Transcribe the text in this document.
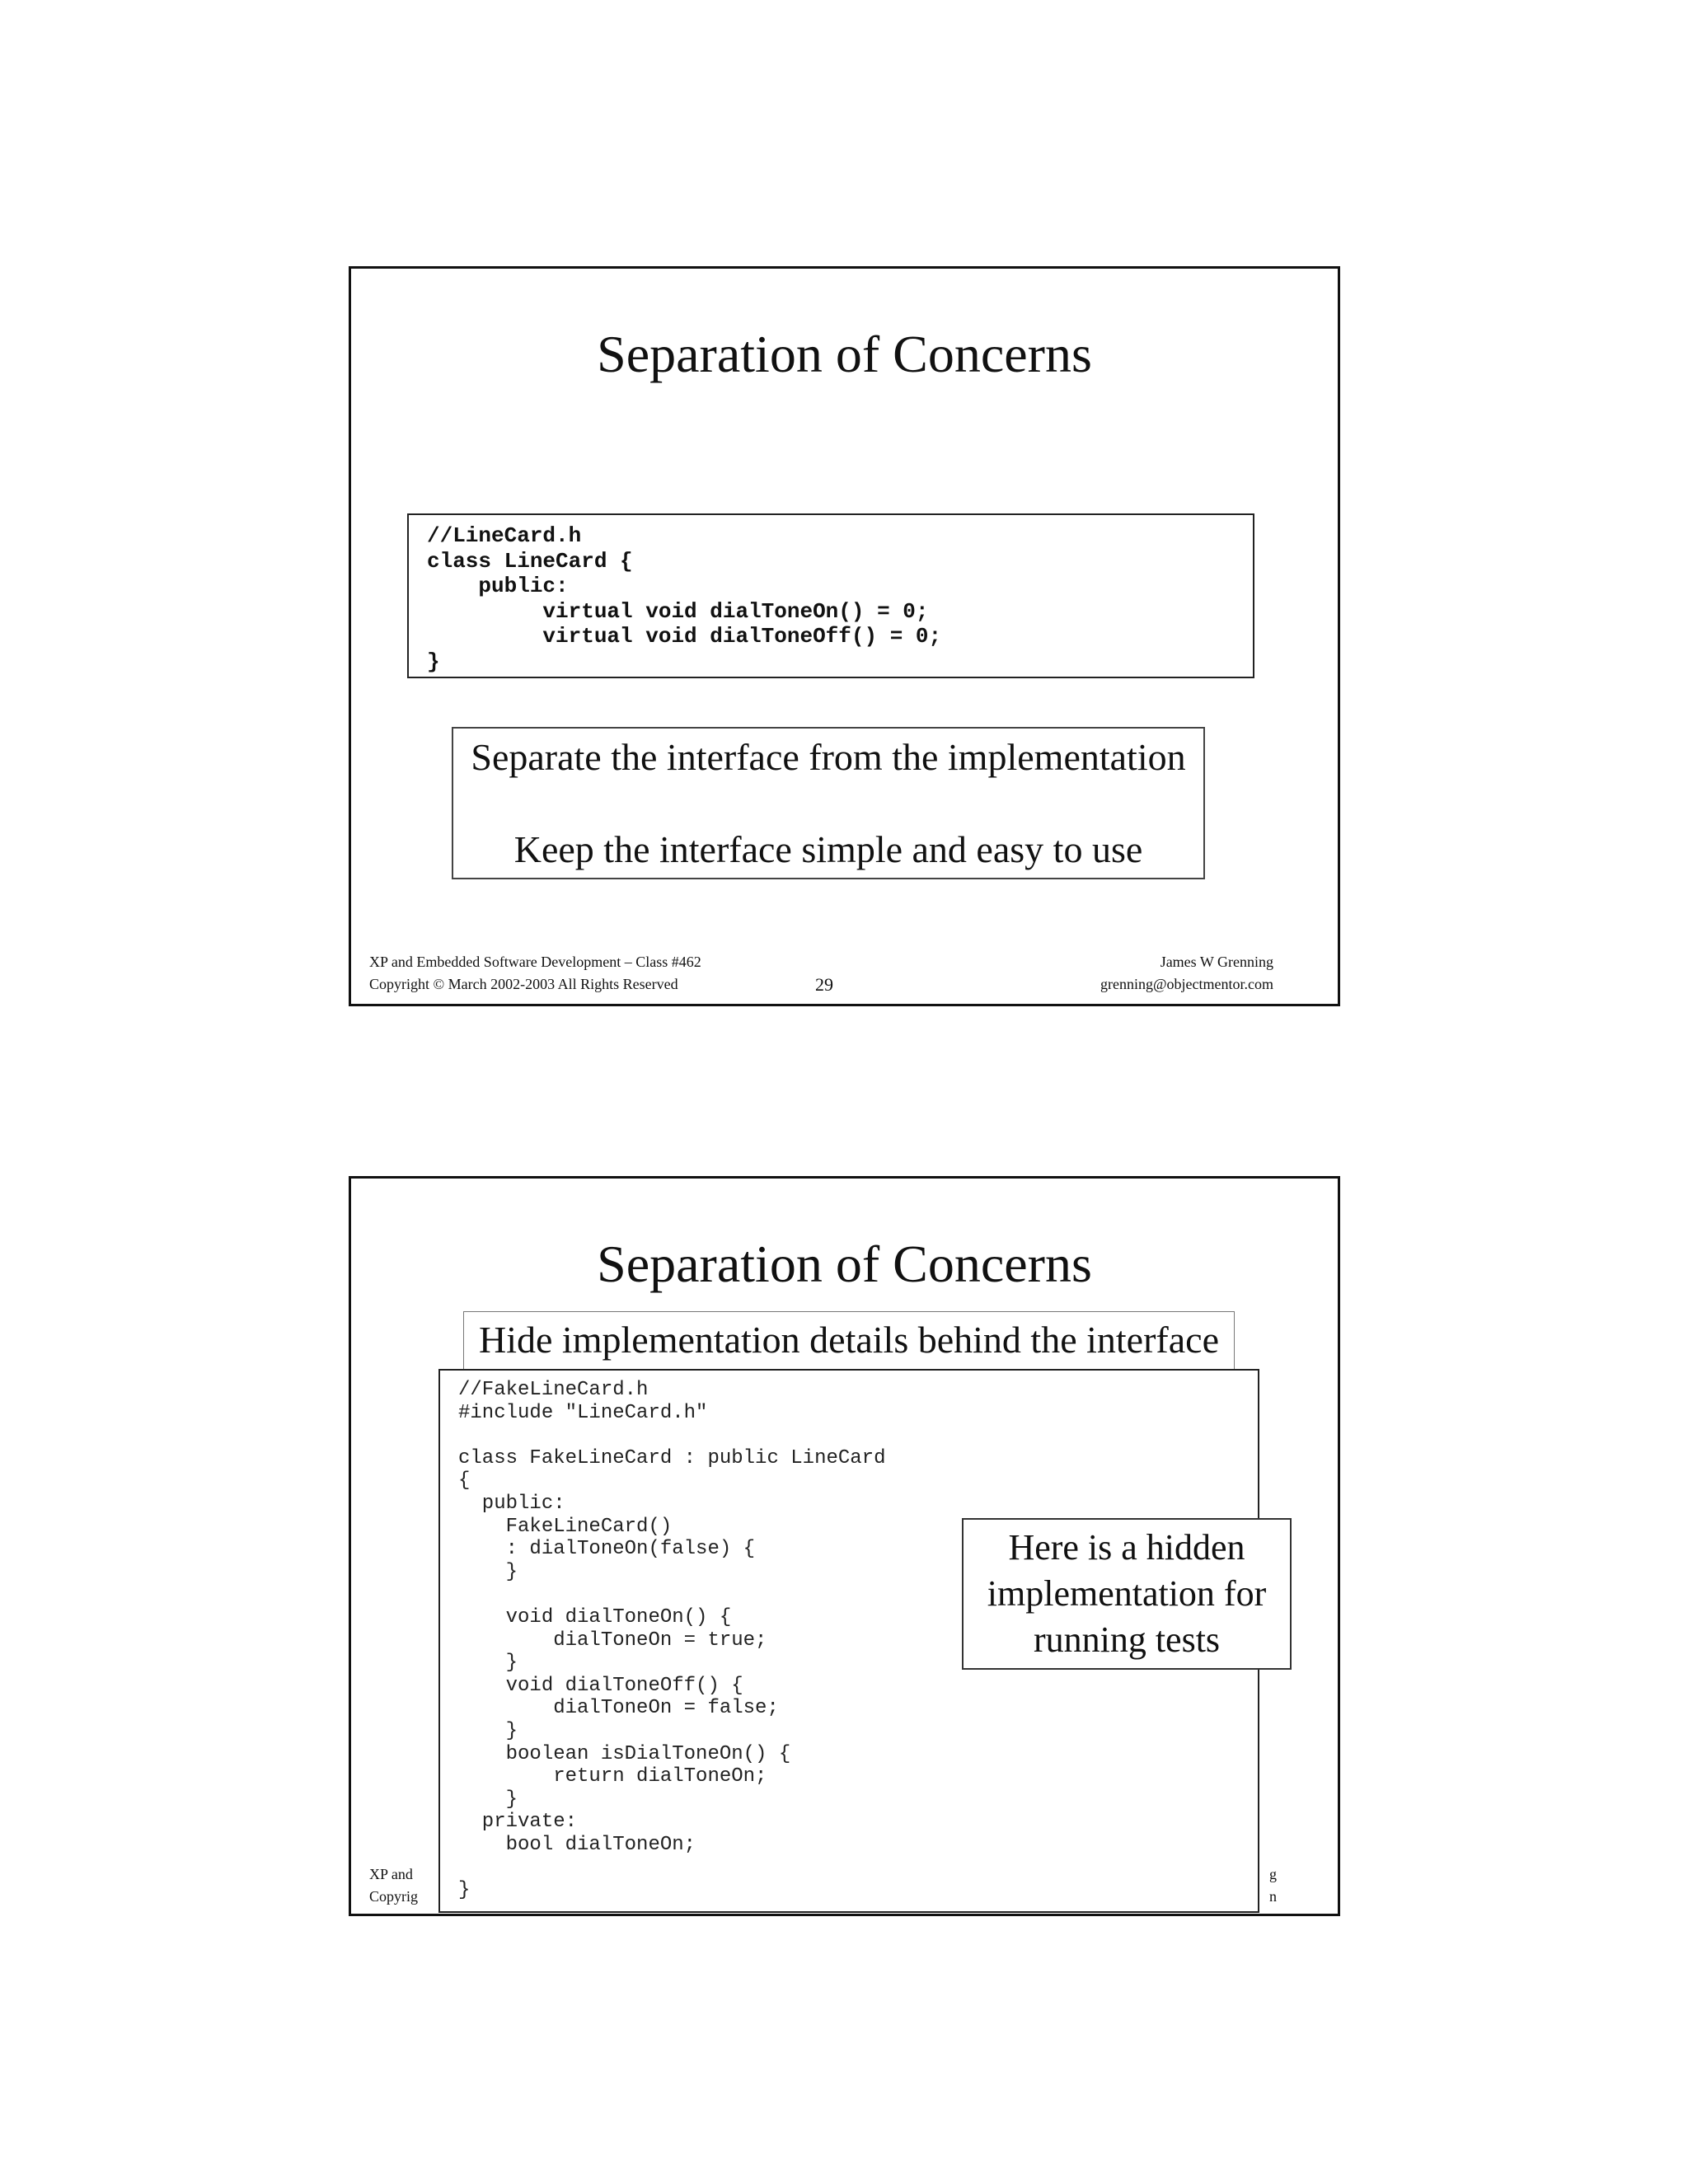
Separation of Concerns
//LineCard.h
class LineCard {
public:
virtual void dialToneOn() = 0;
virtual void dialToneOff() = 0;
}
Separate the interface from the implementation
Keep the interface simple and easy to use
XP and Embedded Software Development – Class #462
Copyright © March 2002-2003 All Rights Reserved	29
James W Grenning
grenning@objectmentor.com
Separation of Concerns
XP and
Copyrig
g
n
Hide implementation details behind the interface
//FakeLineCard.h
#include "LineCard.h"

class FakeLineCard : public LineCard
{
public:
FakeLineCard()
: dialToneOn(false) {
}

void dialToneOn() {
dialToneOn = true;
}
void dialToneOff() {
dialToneOn = false;
}
boolean isDialToneOn() {
return dialToneOn;
}
private:
bool dialToneOn;

}
Here is a hidden
implementation for
running tests
